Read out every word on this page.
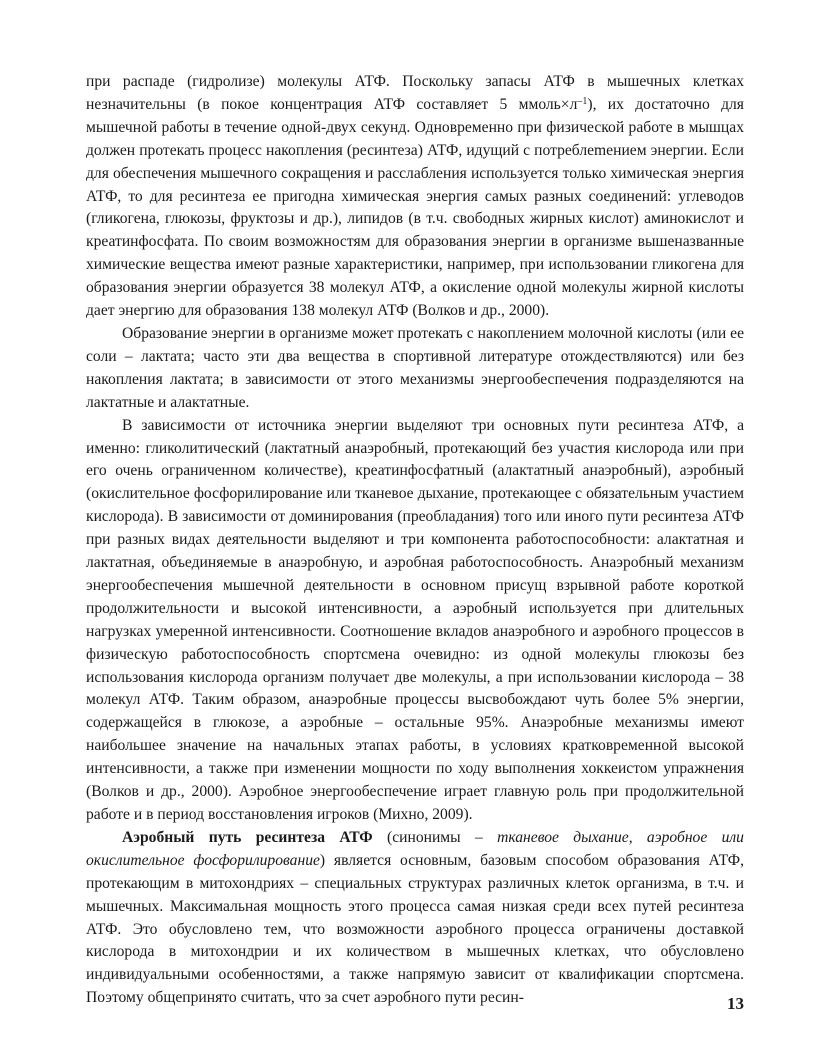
при распаде (гидролизе) молекулы АТФ. Поскольку запасы АТФ в мышечных клетках незначительны (в покое концентрация АТФ составляет 5 $ммоль\times л^{-1}$), их достаточно для мышечной работы в течение одной-двух секунд. Одновременно при физической работе в мышцах должен протекать процесс накопления (ресинтеза) АТФ, идущий с потреблеmением энергии. Если для обеспечения мышечного сокращения и расслабления используется только химическая энергия АТФ, то для ресинтеза ее пригодна химическая энергия самых разных соединений: углеводов (гликогена, глюкозы, фруктозы и др.), липидов (в т.ч. свободных жирных кислот) аминокислот и креатинфосфата. По своим возможностям для образования энергии в организме вышеназванные химические вещества имеют разные характеристики, например, при использовании гликогена для образования энергии образуется 38 молекул АТФ, а окисление одной молекулы жирной кислоты дает энергию для образования 138 молекул АТФ (Волков и др., 2000).

Образование энергии в организме может протекать с накоплением молочной кислоты (или ее соли – лактата; часто эти два вещества в спортивной литературе отождествляются) или без накопления лактата; в зависимости от этого механизмы энергообеспечения подразделяются на лактатные и алактатные.

В зависимости от источника энергии выделяют три основных пути ресинтеза АТФ, а именно: гликолитический (лактатный анаэробный, протекающий без участия кислорода или при его очень ограниченном количестве), креатинфосфатный (алактатный анаэробный), аэробный (окислительное фосфорилирование или тканевое дыхание, протекающее с обязательным участием кислорода). В зависимости от доминирования (преобладания) того или иного пути ресинтеза АТФ при разных видах деятельности выделяют и три компонента работоспособности: алактатная и лактатная, объединяемые в анаэробную, и аэробная работоспособность. Анаэробный механизм энергообеспечения мышечной деятельности в основном присущ взрывной работе короткой продолжительности и высокой интенсивности, а аэробный используется при длительных нагрузках умеренной интенсивности. Соотношение вкладов анаэробного и аэробного процессов в физическую работоспособность спортсмена очевидно: из одной молекулы глюкозы без использования кислорода организм получает две молекулы, а при использовании кислорода – 38 молекул АТФ. Таким образом, анаэробные процессы высвобождают чуть более 5% энергии, содержащейся в глюкозе, а аэробные – остальные 95%. Анаэробные механизмы имеют наибольшее значение на начальных этапах работы, в условиях кратковременной высокой интенсивности, а также при изменении мощности по ходу выполнения хоккеистом упражнения (Волков и др., 2000). Аэробное энергообеспечение играет главную роль при продолжительной работе и в период восстановления игроков (Михно, 2009).

Аэробный путь ресинтеза АТФ (синонимы – тканевое дыхание, аэробное или окислительное фосфорилирование) является основным, базовым способом образования АТФ, протекающим в митохондриях – специальных структурах различных клеток организма, в т.ч. и мышечных. Максимальная мощность этого процесса самая низкая среди всех путей ресинтеза АТФ. Это обусловлено тем, что возможности аэробного процесса ограничены доставкой кислорода в митохондрии и их количеством в мышечных клетках, что обусловлено индивидуальными особенностями, а также напрямую зависит от квалификации спортсмена. Поэтому общепринято считать, что за счет аэробного пути ресин-	13
